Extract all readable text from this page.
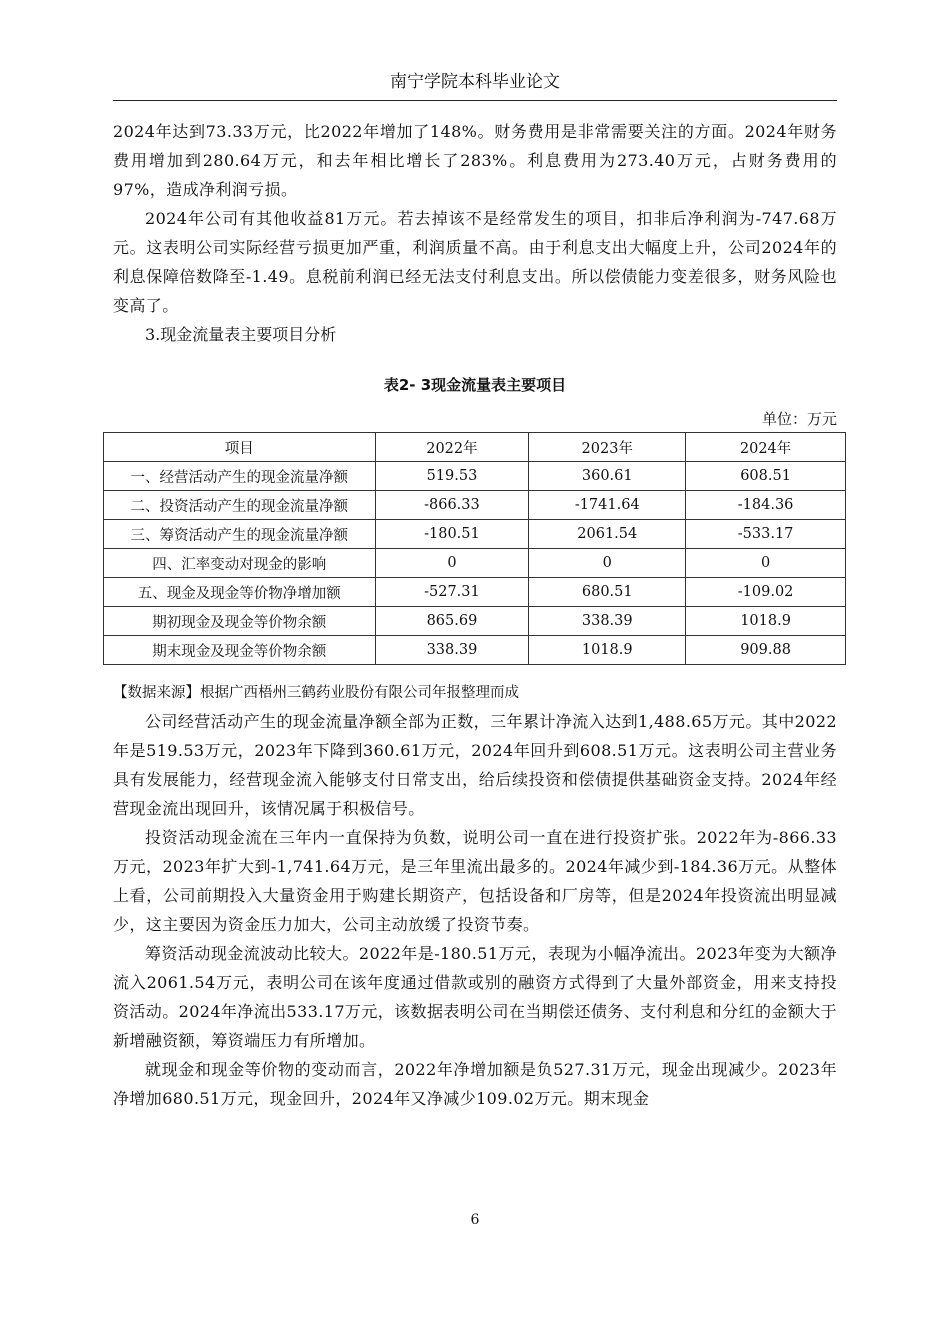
南宁学院本科毕业论文

2024年达到73.33万元，比2022年增加了148%。财务费用是非常需要关注的方面。2024年财务费用增加到280.64万元，和去年相比增长了283%。利息费用为273.40万元，占财务费用的97%，造成净利润亏损。

2024年公司有其他收益81万元。若去掉该不是经常发生的项目，扣非后净利润为-747.68万元。这表明公司实际经营亏损更加严重，利润质量不高。由于利息支出大幅度上升，公司2024年的利息保障倍数降至-1.49。息税前利润已经无法支付利息支出。所以偿债能力变差很多，财务风险也变高了。

3.现金流量表主要项目分析

表2- 3现金流量表主要项目
单位：万元
项目	2022年	2023年	2024年
一、经营活动产生的现金流量净额	519.53	360.61	608.51
二、投资活动产生的现金流量净额	-866.33	-1741.64	-184.36
三、筹资活动产生的现金流量净额	-180.51	2061.54	-533.17
四、汇率变动对现金的影响	0	0	0
五、现金及现金等价物净增加额	-527.31	680.51	-109.02
期初现金及现金等价物余额	865.69	338.39	1018.9
期末现金及现金等价物余额	338.39	1018.9	909.88
【数据来源】根据广西梧州三鹤药业股份有限公司年报整理而成

公司经营活动产生的现金流量净额全部为正数，三年累计净流入达到1,488.65万元。其中2022年是519.53万元，2023年下降到360.61万元，2024年回升到608.51万元。这表明公司主营业务具有发展能力，经营现金流入能够支付日常支出，给后续投资和偿债提供基础资金支持。2024年经营现金流出现回升，该情况属于积极信号。

投资活动现金流在三年内一直保持为负数，说明公司一直在进行投资扩张。2022年为-866.33万元，2023年扩大到-1,741.64万元，是三年里流出最多的。2024年减少到-184.36万元。从整体上看，公司前期投入大量资金用于购建长期资产，包括设备和厂房等，但是2024年投资流出明显减少，这主要因为资金压力加大，公司主动放缓了投资节奏。

筹资活动现金流波动比较大。2022年是-180.51万元，表现为小幅净流出。2023年变为大额净流入2061.54万元，表明公司在该年度通过借款或别的融资方式得到了大量外部资金，用来支持投资活动。2024年净流出533.17万元，该数据表明公司在当期偿还债务、支付利息和分红的金额大于新增融资额，筹资端压力有所增加。

就现金和现金等价物的变动而言，2022年净增加额是负527.31万元，现金出现减少。2023年净增加680.51万元，现金回升，2024年又净减少109.02万元。期末现金

6
